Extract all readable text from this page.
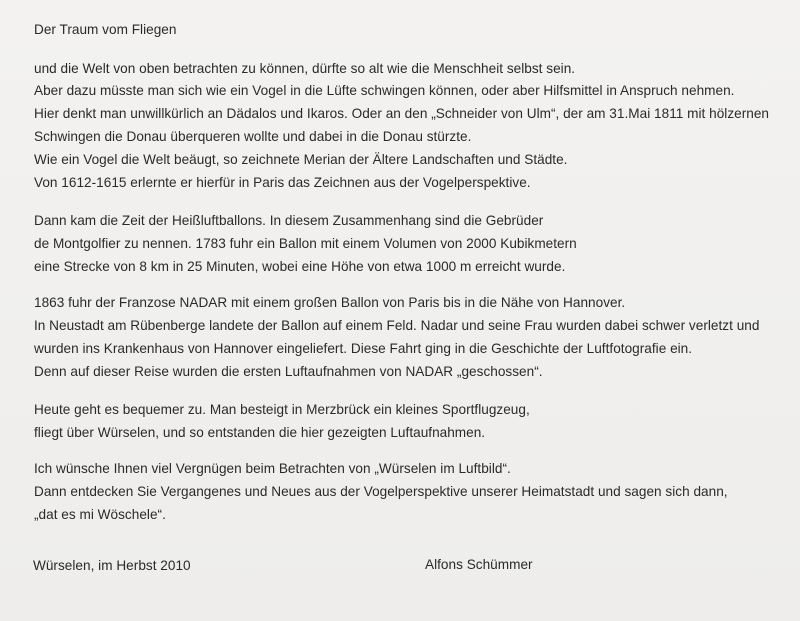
Der Traum vom Fliegen
und die Welt von oben betrachten zu können, dürfte so alt wie die Menschheit selbst sein.
Aber dazu müsste man sich wie ein Vogel in die Lüfte schwingen können, oder aber Hilfsmittel in Anspruch nehmen.
Hier denkt man unwillkürlich an Dädalos und Ikaros. Oder an den „Schneider von Ulm“, der am 31.Mai 1811 mit hölzernen
Schwingen die Donau überqueren wollte und dabei in die Donau stürzte.
Wie ein Vogel die Welt beäugt, so zeichnete Merian der Ältere Landschaften und Städte.
Von 1612-1615 erlernte er hierfür in Paris das Zeichnen aus der Vogelperspektive.
Dann kam die Zeit der Heißluftballons. In diesem Zusammenhang sind die Gebrüder
de Montgolfier zu nennen. 1783 fuhr ein Ballon mit einem Volumen von 2000 Kubikmetern
eine Strecke von 8 km in 25 Minuten, wobei eine Höhe von etwa 1000 m erreicht wurde.
1863 fuhr der Franzose NADAR mit einem großen Ballon von Paris bis in die Nähe von Hannover.
In Neustadt am Rübenberge landete der Ballon auf einem Feld. Nadar und seine Frau wurden dabei schwer verletzt und
wurden ins Krankenhaus von Hannover eingeliefert. Diese Fahrt ging in die Geschichte der Luftfotografie ein.
Denn auf dieser Reise wurden die ersten Luftaufnahmen von NADAR „geschossen“.
Heute geht es bequemer zu. Man besteigt in Merzbrück ein kleines Sportflugzeug,
fliegt über Würselen, und so entstanden die hier gezeigten Luftaufnahmen.
Ich wünsche Ihnen viel Vergnügen beim Betrachten von „Würselen im Luftbild“.
Dann entdecken Sie Vergangenes und Neues aus der Vogelperspektive unserer Heimatstadt und sagen sich dann,
„dat es mi Wöschele“.
Würselen, im Herbst 2010	Alfons Schümmer
